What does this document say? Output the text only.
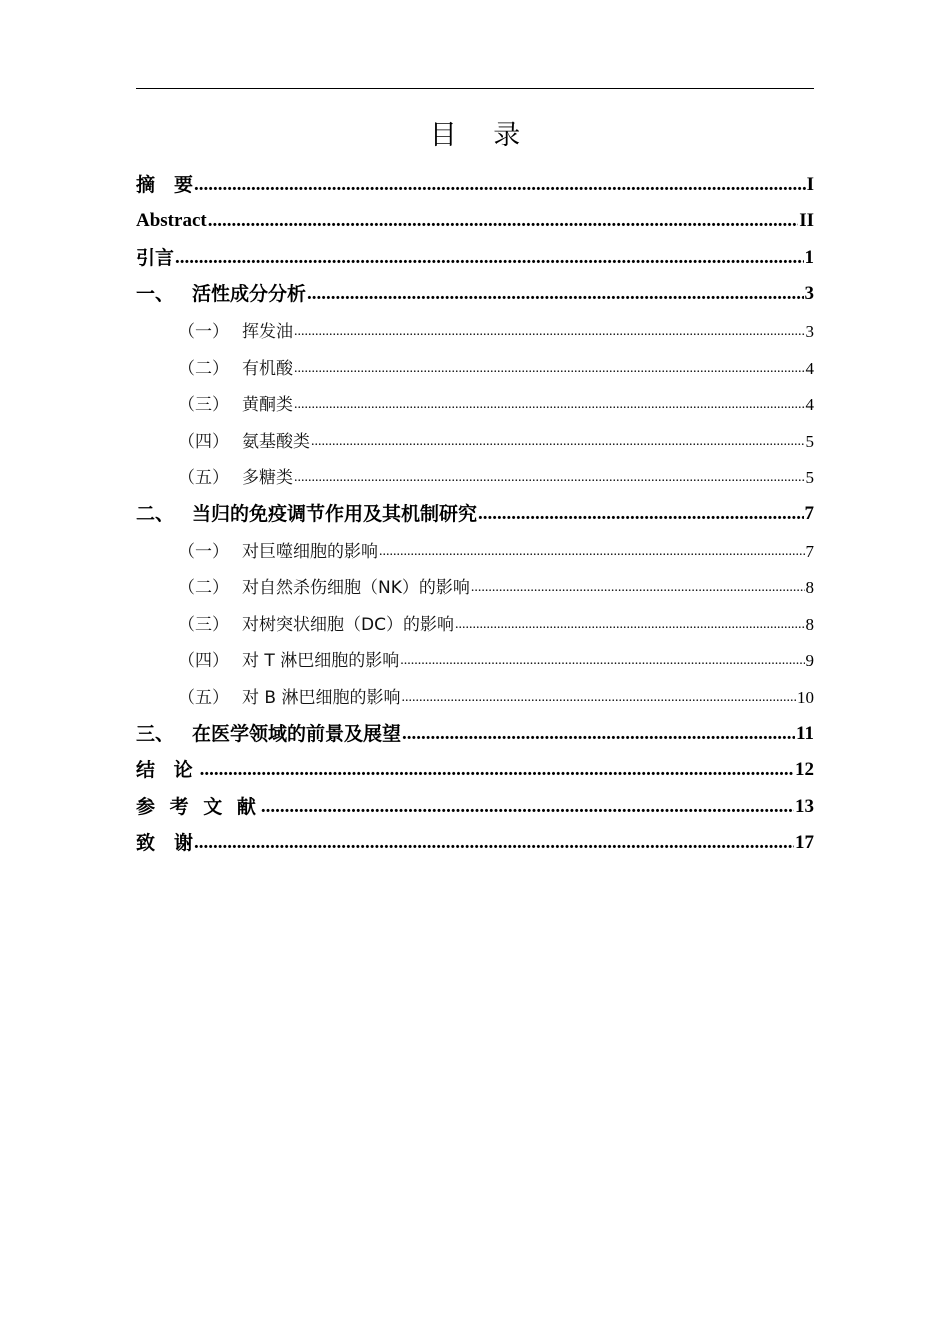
目 录
摘　要 .....	I
Abstract .....	II
引言 .....	1
一、 活性成分分析 .....	3
（一） 挥发油 .....	3
（二） 有机酸 .....	4
（三） 黄酮类 .....	4
（四） 氨基酸类 .....	5
（五） 多糖类 .....	5
二、 当归的免疫调节作用及其机制研究 .....	7
（一） 对巨噬细胞的影响 .....	7
（二） 对自然杀伤细胞（NK）的影响 .....	8
（三） 对树突状细胞（DC）的影响 .....	8
（四） 对 T 淋巴细胞的影响 .....	9
（五） 对 B 淋巴细胞的影响 .....	10
三、 在医学领域的前景及展望 .....	11
结 论 .....	12
参 考 文 献 .....	13
致　谢 .....	17
